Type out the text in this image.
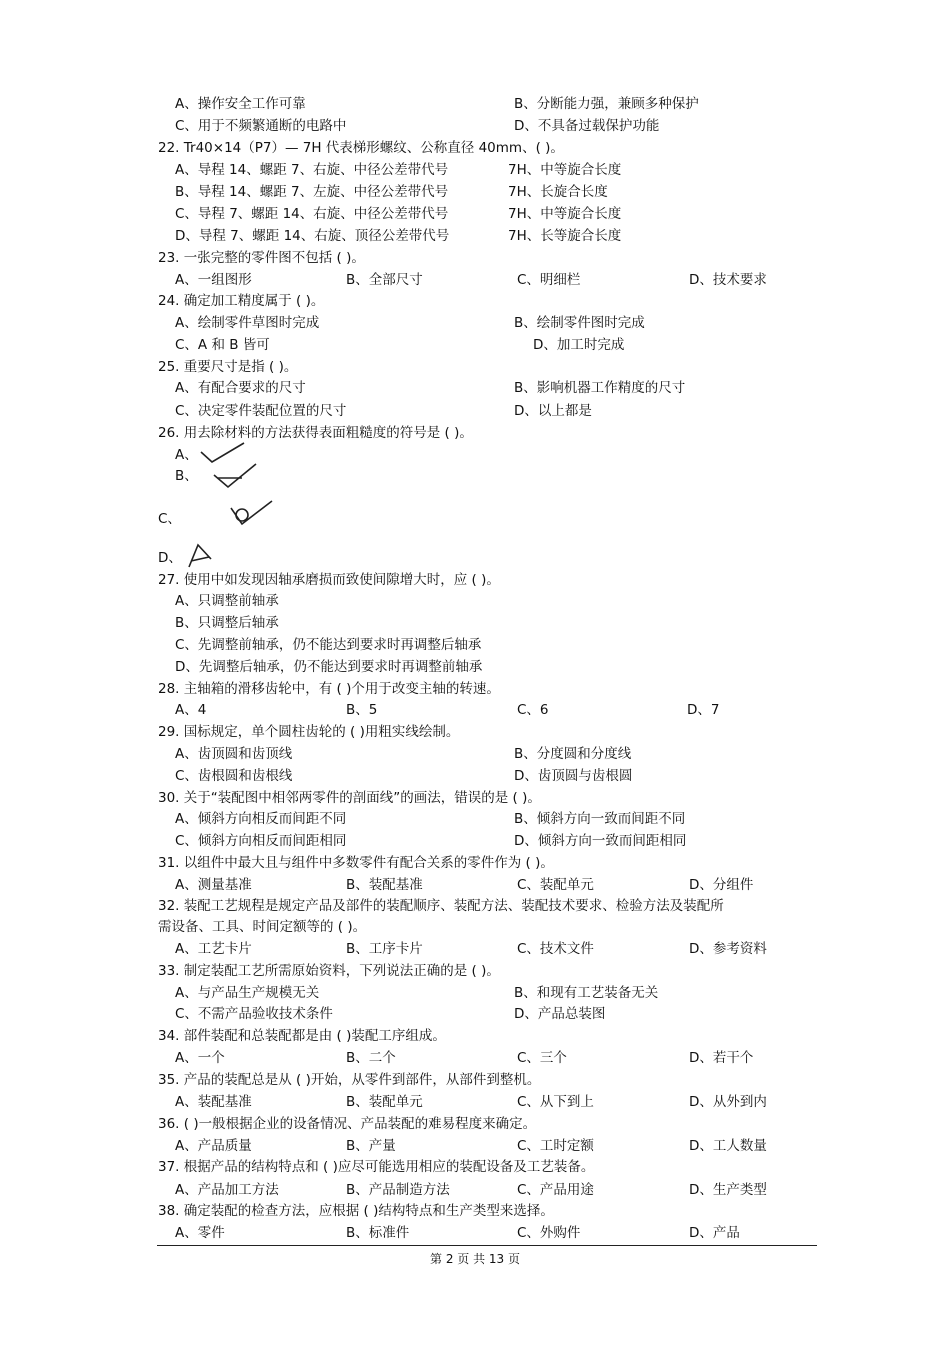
A、操作安全工作可靠	B、分断能力强，兼顾多种保护
C、用于不频繁通断的电路中	D、不具备过载保护功能
22. Tr40×14（P7）— 7H 代表梯形螺纹、公称直径 40mm、( )。
A、导程 14、螺距 7、右旋、中径公差带代号	7H、中等旋合长度
B、导程 14、螺距 7、左旋、中径公差带代号	7H、长旋合长度
C、导程 7、螺距 14、右旋、中径公差带代号	7H、中等旋合长度
D、导程 7、螺距 14、右旋、顶径公差带代号	7H、长等旋合长度
23. 一张完整的零件图不包括 ( )。
A、一组图形	B、全部尺寸	C、明细栏	D、技术要求
24. 确定加工精度属于 ( )。
A、绘制零件草图时完成	B、绘制零件图时完成
C、A 和 B 皆可	D、加工时完成
25. 重要尺寸是指 ( )。
A、有配合要求的尺寸	B、影响机器工作精度的尺寸
C、决定零件装配位置的尺寸	D、以上都是
26. 用去除材料的方法获得表面粗糙度的符号是 ( )。
A、
B、
C、
D、
27. 使用中如发现因轴承磨损而致使间隙增大时，应 ( )。
A、只调整前轴承
B、只调整后轴承
C、先调整前轴承，仍不能达到要求时再调整后轴承
D、先调整后轴承，仍不能达到要求时再调整前轴承
28. 主轴箱的滑移齿轮中，有 ( )个用于改变主轴的转速。
A、4	B、5	C、6	D、7
29. 国标规定，单个圆柱齿轮的 ( )用粗实线绘制。
A、齿顶圆和齿顶线	B、分度圆和分度线
C、齿根圆和齿根线	D、齿顶圆与齿根圆
30. 关于“装配图中相邻两零件的剖面线”的画法，错误的是 ( )。
A、倾斜方向相反而间距不同	B、倾斜方向一致而间距不同
C、倾斜方向相反而间距相同	D、倾斜方向一致而间距相同
31. 以组件中最大且与组件中多数零件有配合关系的零件作为 ( )。
A、测量基准	B、装配基准	C、装配单元	D、分组件
32. 装配工艺规程是规定产品及部件的装配顺序、装配方法、装配技术要求、检验方法及装配所
需设备、工具、时间定额等的 ( )。
A、工艺卡片	B、工序卡片	C、技术文件	D、参考资料
33. 制定装配工艺所需原始资料，下列说法正确的是 ( )。
A、与产品生产规模无关	B、和现有工艺装备无关
C、不需产品验收技术条件	D、产品总装图
34. 部件装配和总装配都是由 ( )装配工序组成。
A、一个	B、二个	C、三个	D、若干个
35. 产品的装配总是从 ( )开始，从零件到部件，从部件到整机。
A、装配基准	B、装配单元	C、从下到上	D、从外到内
36. ( )一般根据企业的设备情况、产品装配的难易程度来确定。
A、产品质量	B、产量	C、工时定额	D、工人数量
37. 根据产品的结构特点和 ( )应尽可能选用相应的装配设备及工艺装备。
A、产品加工方法	B、产品制造方法	C、产品用途	D、生产类型
38. 确定装配的检查方法，应根据 ( )结构特点和生产类型来选择。
A、零件	B、标准件	C、外购件	D、产品
第 2 页 共 13 页
